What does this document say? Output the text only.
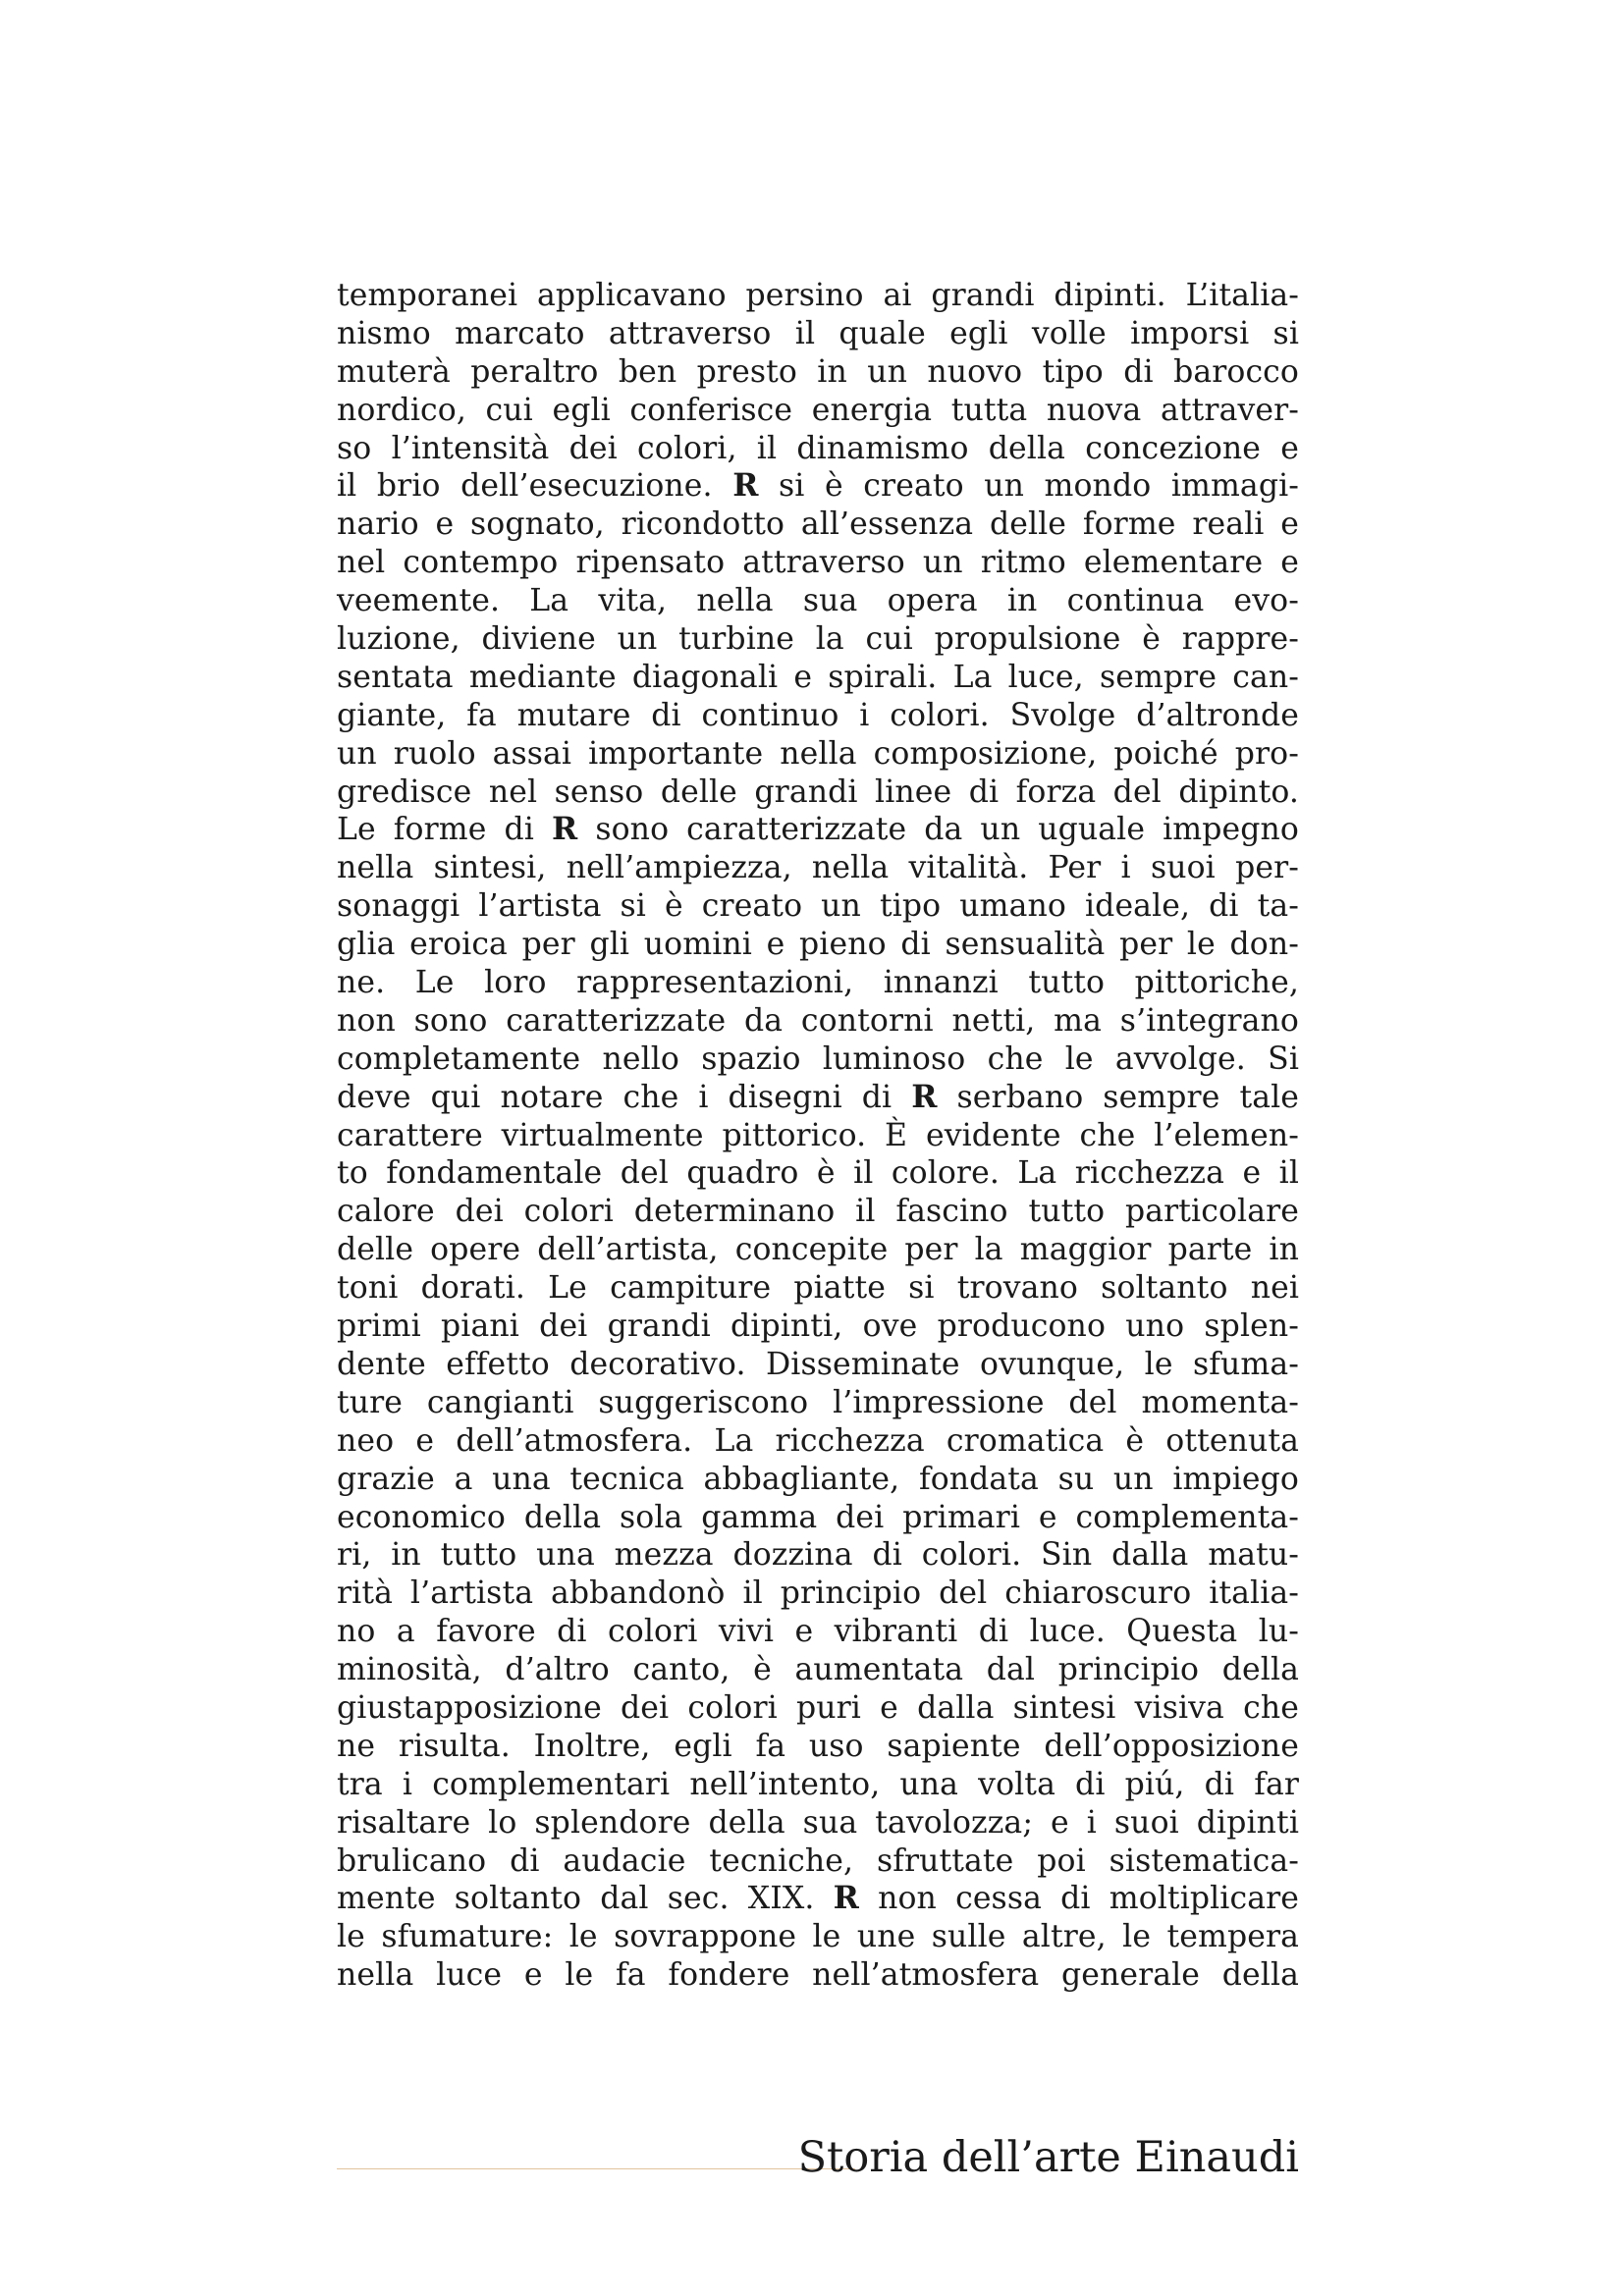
temporanei applicavano persino ai grandi dipinti. L’italia-
nismo marcato attraverso il quale egli volle imporsi si
muterà peraltro ben presto in un nuovo tipo di barocco
nordico, cui egli conferisce energia tutta nuova attraver-
so l’intensità dei colori, il dinamismo della concezione e
il brio dell’esecuzione. R si è creato un mondo immagi-
nario e sognato, ricondotto all’essenza delle forme reali e
nel contempo ripensato attraverso un ritmo elementare e
veemente. La vita, nella sua opera in continua evo-
luzione, diviene un turbine la cui propulsione è rappre-
sentata mediante diagonali e spirali. La luce, sempre can-
giante, fa mutare di continuo i colori. Svolge d’altronde
un ruolo assai importante nella composizione, poiché pro-
gredisce nel senso delle grandi linee di forza del dipinto.
Le forme di R sono caratterizzate da un uguale impegno
nella sintesi, nell’ampiezza, nella vitalità. Per i suoi per-
sonaggi l’artista si è creato un tipo umano ideale, di ta-
glia eroica per gli uomini e pieno di sensualità per le don-
ne. Le loro rappresentazioni, innanzi tutto pittoriche,
non sono caratterizzate da contorni netti, ma s’integrano
completamente nello spazio luminoso che le avvolge. Si
deve qui notare che i disegni di R serbano sempre tale
carattere virtualmente pittorico. È evidente che l’elemen-
to fondamentale del quadro è il colore. La ricchezza e il
calore dei colori determinano il fascino tutto particolare
delle opere dell’artista, concepite per la maggior parte in
toni dorati. Le campiture piatte si trovano soltanto nei
primi piani dei grandi dipinti, ove producono uno splen-
dente effetto decorativo. Disseminate ovunque, le sfuma-
ture cangianti suggeriscono l’impressione del momenta-
neo e dell’atmosfera. La ricchezza cromatica è ottenuta
grazie a una tecnica abbagliante, fondata su un impiego
economico della sola gamma dei primari e complementa-
ri, in tutto una mezza dozzina di colori. Sin dalla matu-
rità l’artista abbandonò il principio del chiaroscuro italia-
no a favore di colori vivi e vibranti di luce. Questa lu-
minosità, d’altro canto, è aumentata dal principio della
giustapposizione dei colori puri e dalla sintesi visiva che
ne risulta. Inoltre, egli fa uso sapiente dell’opposizione
tra i complementari nell’intento, una volta di piú, di far
risaltare lo splendore della sua tavolozza; e i suoi dipinti
brulicano di audacie tecniche, sfruttate poi sistematica-
mente soltanto dal sec. XIX. R non cessa di moltiplicare
le sfumature: le sovrappone le une sulle altre, le tempera
nella luce e le fa fondere nell’atmosfera generale della
Storia dell’arte Einaudi
